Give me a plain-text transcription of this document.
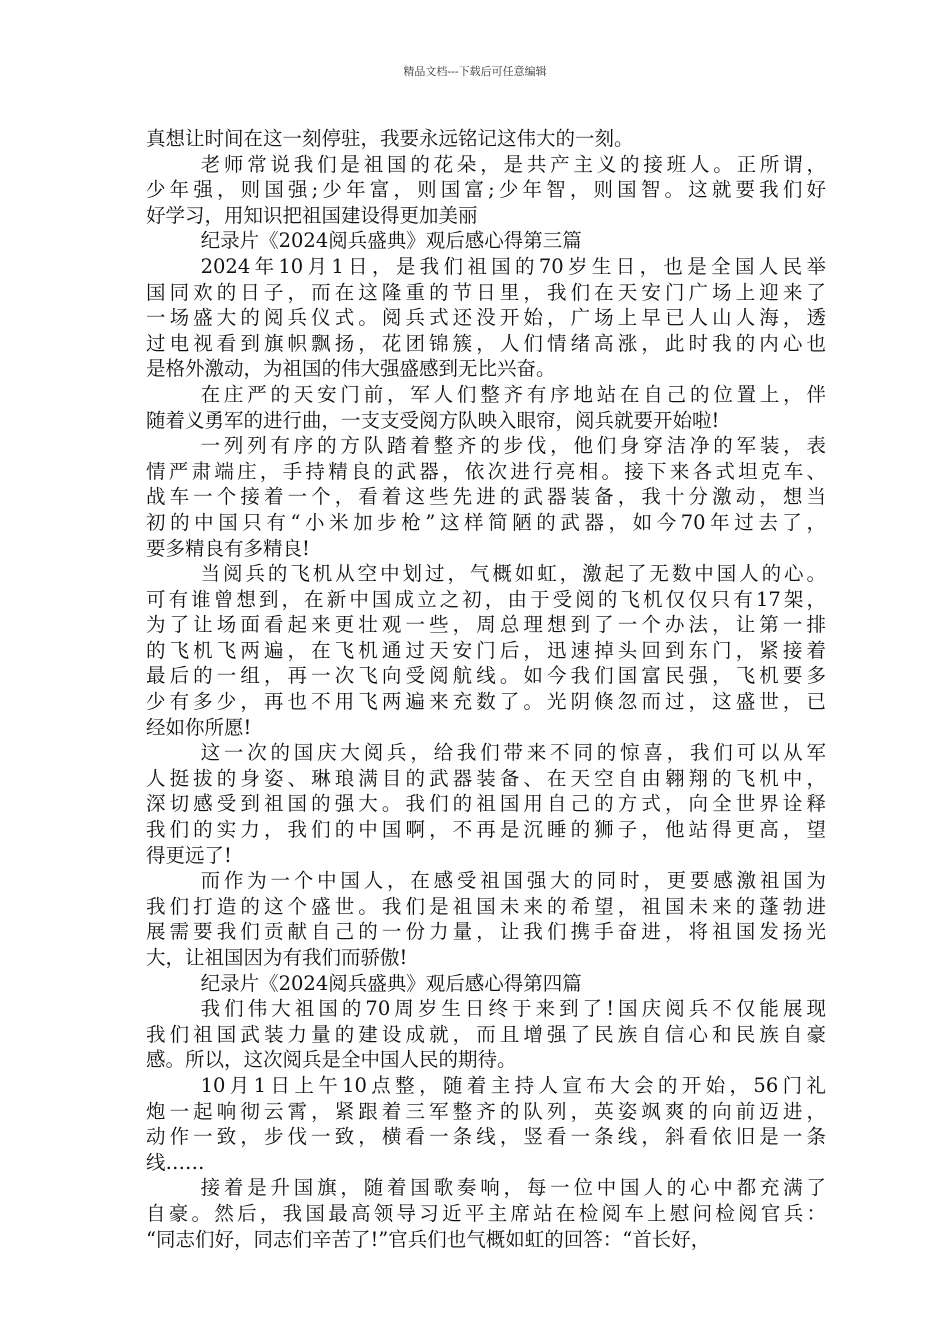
精品文档---下载后可任意编辑
真想让时间在这一刻停驻，我要永远铭记这伟大的一刻。
老师常说我们是祖国的花朵，是共产主义的接班人。正所谓，
少年强，则国强;少年富，则国富;少年智，则国智。这就要我们好
好学习，用知识把祖国建设得更加美丽
纪录片《2024阅兵盛典》观后感心得第三篇
2024年10月1日，是我们祖国的70岁生日，也是全国人民举
国同欢的日子，而在这隆重的节日里，我们在天安门广场上迎来了
一场盛大的阅兵仪式。阅兵式还没开始，广场上早已人山人海，透
过电视看到旗帜飘扬，花团锦簇，人们情绪高涨，此时我的内心也
是格外激动，为祖国的伟大强盛感到无比兴奋。
在庄严的天安门前，军人们整齐有序地站在自己的位置上，伴
随着义勇军的进行曲，一支支受阅方队映入眼帘，阅兵就要开始啦!
一列列有序的方队踏着整齐的步伐，他们身穿洁净的军装，表
情严肃端庄，手持精良的武器，依次进行亮相。接下来各式坦克车、
战车一个接着一个，看着这些先进的武器装备，我十分激动，想当
初的中国只有“小米加步枪”这样简陋的武器，如今70年过去了，
要多精良有多精良!
当阅兵的飞机从空中划过，气概如虹，激起了无数中国人的心。
可有谁曾想到，在新中国成立之初，由于受阅的飞机仅仅只有17架，
为了让场面看起来更壮观一些，周总理想到了一个办法，让第一排
的飞机飞两遍，在飞机通过天安门后，迅速掉头回到东门，紧接着
最后的一组，再一次飞向受阅航线。如今我们国富民强，飞机要多
少有多少，再也不用飞两遍来充数了。光阴倏忽而过，这盛世，已
经如你所愿!
这一次的国庆大阅兵，给我们带来不同的惊喜，我们可以从军
人挺拔的身姿、琳琅满目的武器装备、在天空自由翱翔的飞机中，
深切感受到祖国的强大。我们的祖国用自己的方式，向全世界诠释
我们的实力，我们的中国啊，不再是沉睡的狮子，他站得更高，望
得更远了!
而作为一个中国人，在感受祖国强大的同时，更要感激祖国为
我们打造的这个盛世。我们是祖国未来的希望，祖国未来的蓬勃进
展需要我们贡献自己的一份力量，让我们携手奋进，将祖国发扬光
大，让祖国因为有我们而骄傲!
纪录片《2024阅兵盛典》观后感心得第四篇
我们伟大祖国的70周岁生日终于来到了!国庆阅兵不仅能展现
我们祖国武装力量的建设成就，而且增强了民族自信心和民族自豪
感。所以，这次阅兵是全中国人民的期待。
10月1日上午10点整，随着主持人宣布大会的开始，56门礼
炮一起响彻云霄，紧跟着三军整齐的队列，英姿飒爽的向前迈进，
动作一致，步伐一致，横看一条线，竖看一条线，斜看依旧是一条
线……
接着是升国旗，随着国歌奏响，每一位中国人的心中都充满了
自豪。然后，我国最高领导习近平主席站在检阅车上慰问检阅官兵：
“同志们好，同志们辛苦了!”官兵们也气概如虹的回答：“首长好，
